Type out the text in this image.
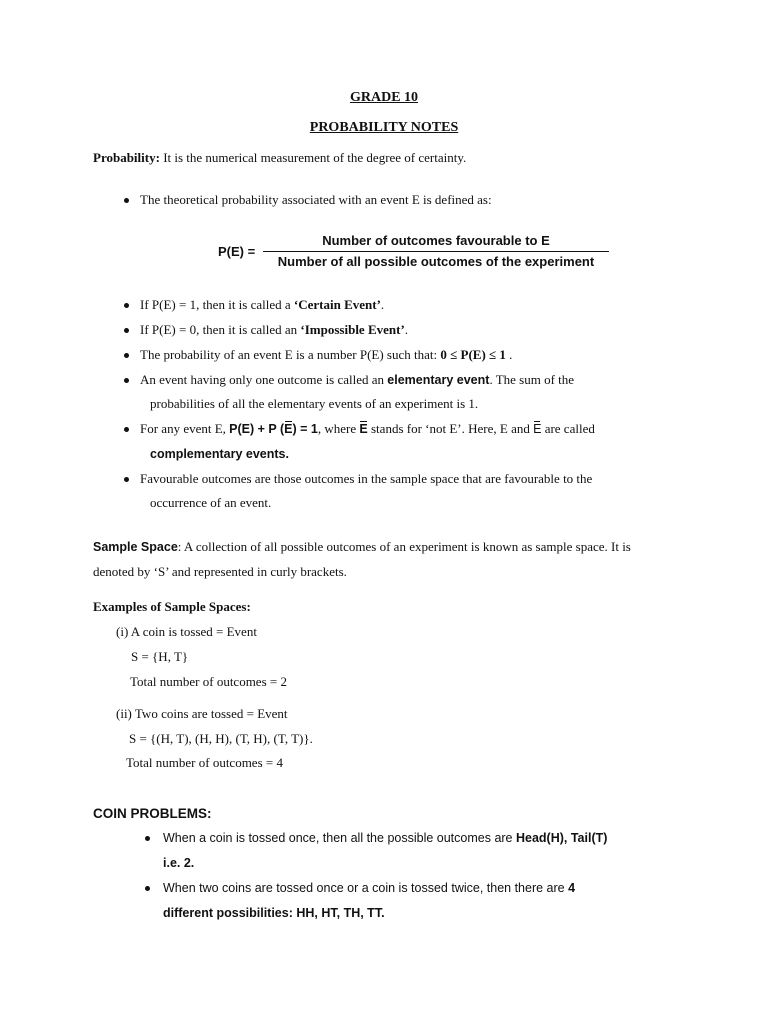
GRADE 10
PROBABILITY NOTES
Probability: It is the numerical measurement of the degree of certainty.
The theoretical probability associated with an event E is defined as:
P(E) =
Number of outcomes favourable to E
Number of all possible outcomes of the experiment
If P(E) = 1, then it is called a ‘Certain Event’.
If P(E) = 0, then it is called an ‘Impossible Event’.
The probability of an event E is a number P(E) such that: 0 ≤ P(E) ≤ 1 .
An event having only one outcome is called an elementary event. The sum of the
probabilities of all the elementary events of an experiment is 1.
For any event E, P(E) + P (E) = 1, where E stands for ‘not E’. Here, E and E are called
complementary events.
Favourable outcomes are those outcomes in the sample space that are favourable to the
occurrence of an event.
Sample Space: A collection of all possible outcomes of an experiment is known as sample space. It is
denoted by ‘S’ and represented in curly brackets.
Examples of Sample Spaces:
(i) A coin is tossed = Event
S = {H, T}
Total number of outcomes = 2
(ii) Two coins are tossed = Event
S = {(H, T), (H, H), (T, H), (T, T)}.
Total number of outcomes = 4
COIN PROBLEMS:
When a coin is tossed once, then all the possible outcomes are Head(H), Tail(T)
i.e. 2.
When two coins are tossed once or a coin is tossed twice, then there are 4
different possibilities: HH, HT, TH, TT.
